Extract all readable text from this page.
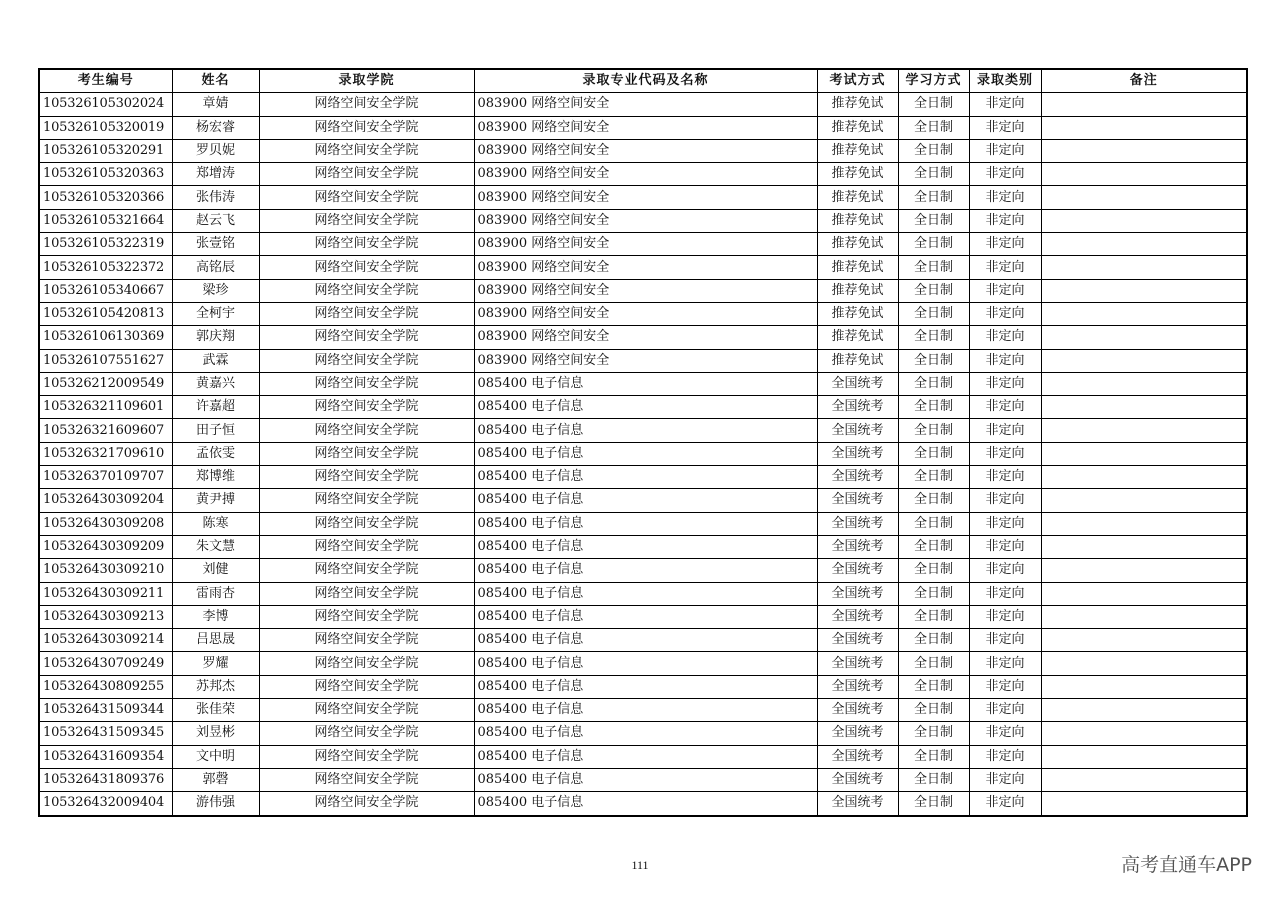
考生编号	姓名	录取学院	录取专业代码及名称	考试方式	学习方式	录取类别	备注
105326105302024	章婧	网络空间安全学院	083900 网络空间安全	推荐免试	全日制	非定向	
105326105320019	杨宏睿	网络空间安全学院	083900 网络空间安全	推荐免试	全日制	非定向	
105326105320291	罗贝妮	网络空间安全学院	083900 网络空间安全	推荐免试	全日制	非定向	
105326105320363	郑增涛	网络空间安全学院	083900 网络空间安全	推荐免试	全日制	非定向	
105326105320366	张伟涛	网络空间安全学院	083900 网络空间安全	推荐免试	全日制	非定向	
105326105321664	赵云飞	网络空间安全学院	083900 网络空间安全	推荐免试	全日制	非定向	
105326105322319	张壹铭	网络空间安全学院	083900 网络空间安全	推荐免试	全日制	非定向	
105326105322372	高铭辰	网络空间安全学院	083900 网络空间安全	推荐免试	全日制	非定向	
105326105340667	梁珍	网络空间安全学院	083900 网络空间安全	推荐免试	全日制	非定向	
105326105420813	全柯宇	网络空间安全学院	083900 网络空间安全	推荐免试	全日制	非定向	
105326106130369	郭庆翔	网络空间安全学院	083900 网络空间安全	推荐免试	全日制	非定向	
105326107551627	武霖	网络空间安全学院	083900 网络空间安全	推荐免试	全日制	非定向	
105326212009549	黄嘉兴	网络空间安全学院	085400 电子信息	全国统考	全日制	非定向	
105326321109601	许嘉超	网络空间安全学院	085400 电子信息	全国统考	全日制	非定向	
105326321609607	田子恒	网络空间安全学院	085400 电子信息	全国统考	全日制	非定向	
105326321709610	孟依雯	网络空间安全学院	085400 电子信息	全国统考	全日制	非定向	
105326370109707	郑博维	网络空间安全学院	085400 电子信息	全国统考	全日制	非定向	
105326430309204	黄尹搏	网络空间安全学院	085400 电子信息	全国统考	全日制	非定向	
105326430309208	陈寒	网络空间安全学院	085400 电子信息	全国统考	全日制	非定向	
105326430309209	朱文慧	网络空间安全学院	085400 电子信息	全国统考	全日制	非定向	
105326430309210	刘健	网络空间安全学院	085400 电子信息	全国统考	全日制	非定向	
105326430309211	雷雨杏	网络空间安全学院	085400 电子信息	全国统考	全日制	非定向	
105326430309213	李博	网络空间安全学院	085400 电子信息	全国统考	全日制	非定向	
105326430309214	吕思晟	网络空间安全学院	085400 电子信息	全国统考	全日制	非定向	
105326430709249	罗耀	网络空间安全学院	085400 电子信息	全国统考	全日制	非定向	
105326430809255	苏邦杰	网络空间安全学院	085400 电子信息	全国统考	全日制	非定向	
105326431509344	张佳荣	网络空间安全学院	085400 电子信息	全国统考	全日制	非定向	
105326431509345	刘昱彬	网络空间安全学院	085400 电子信息	全国统考	全日制	非定向	
105326431609354	文中明	网络空间安全学院	085400 电子信息	全国统考	全日制	非定向	
105326431809376	郭磬	网络空间安全学院	085400 电子信息	全国统考	全日制	非定向	
105326432009404	游伟强	网络空间安全学院	085400 电子信息	全国统考	全日制	非定向	
111	高考直通车APP
